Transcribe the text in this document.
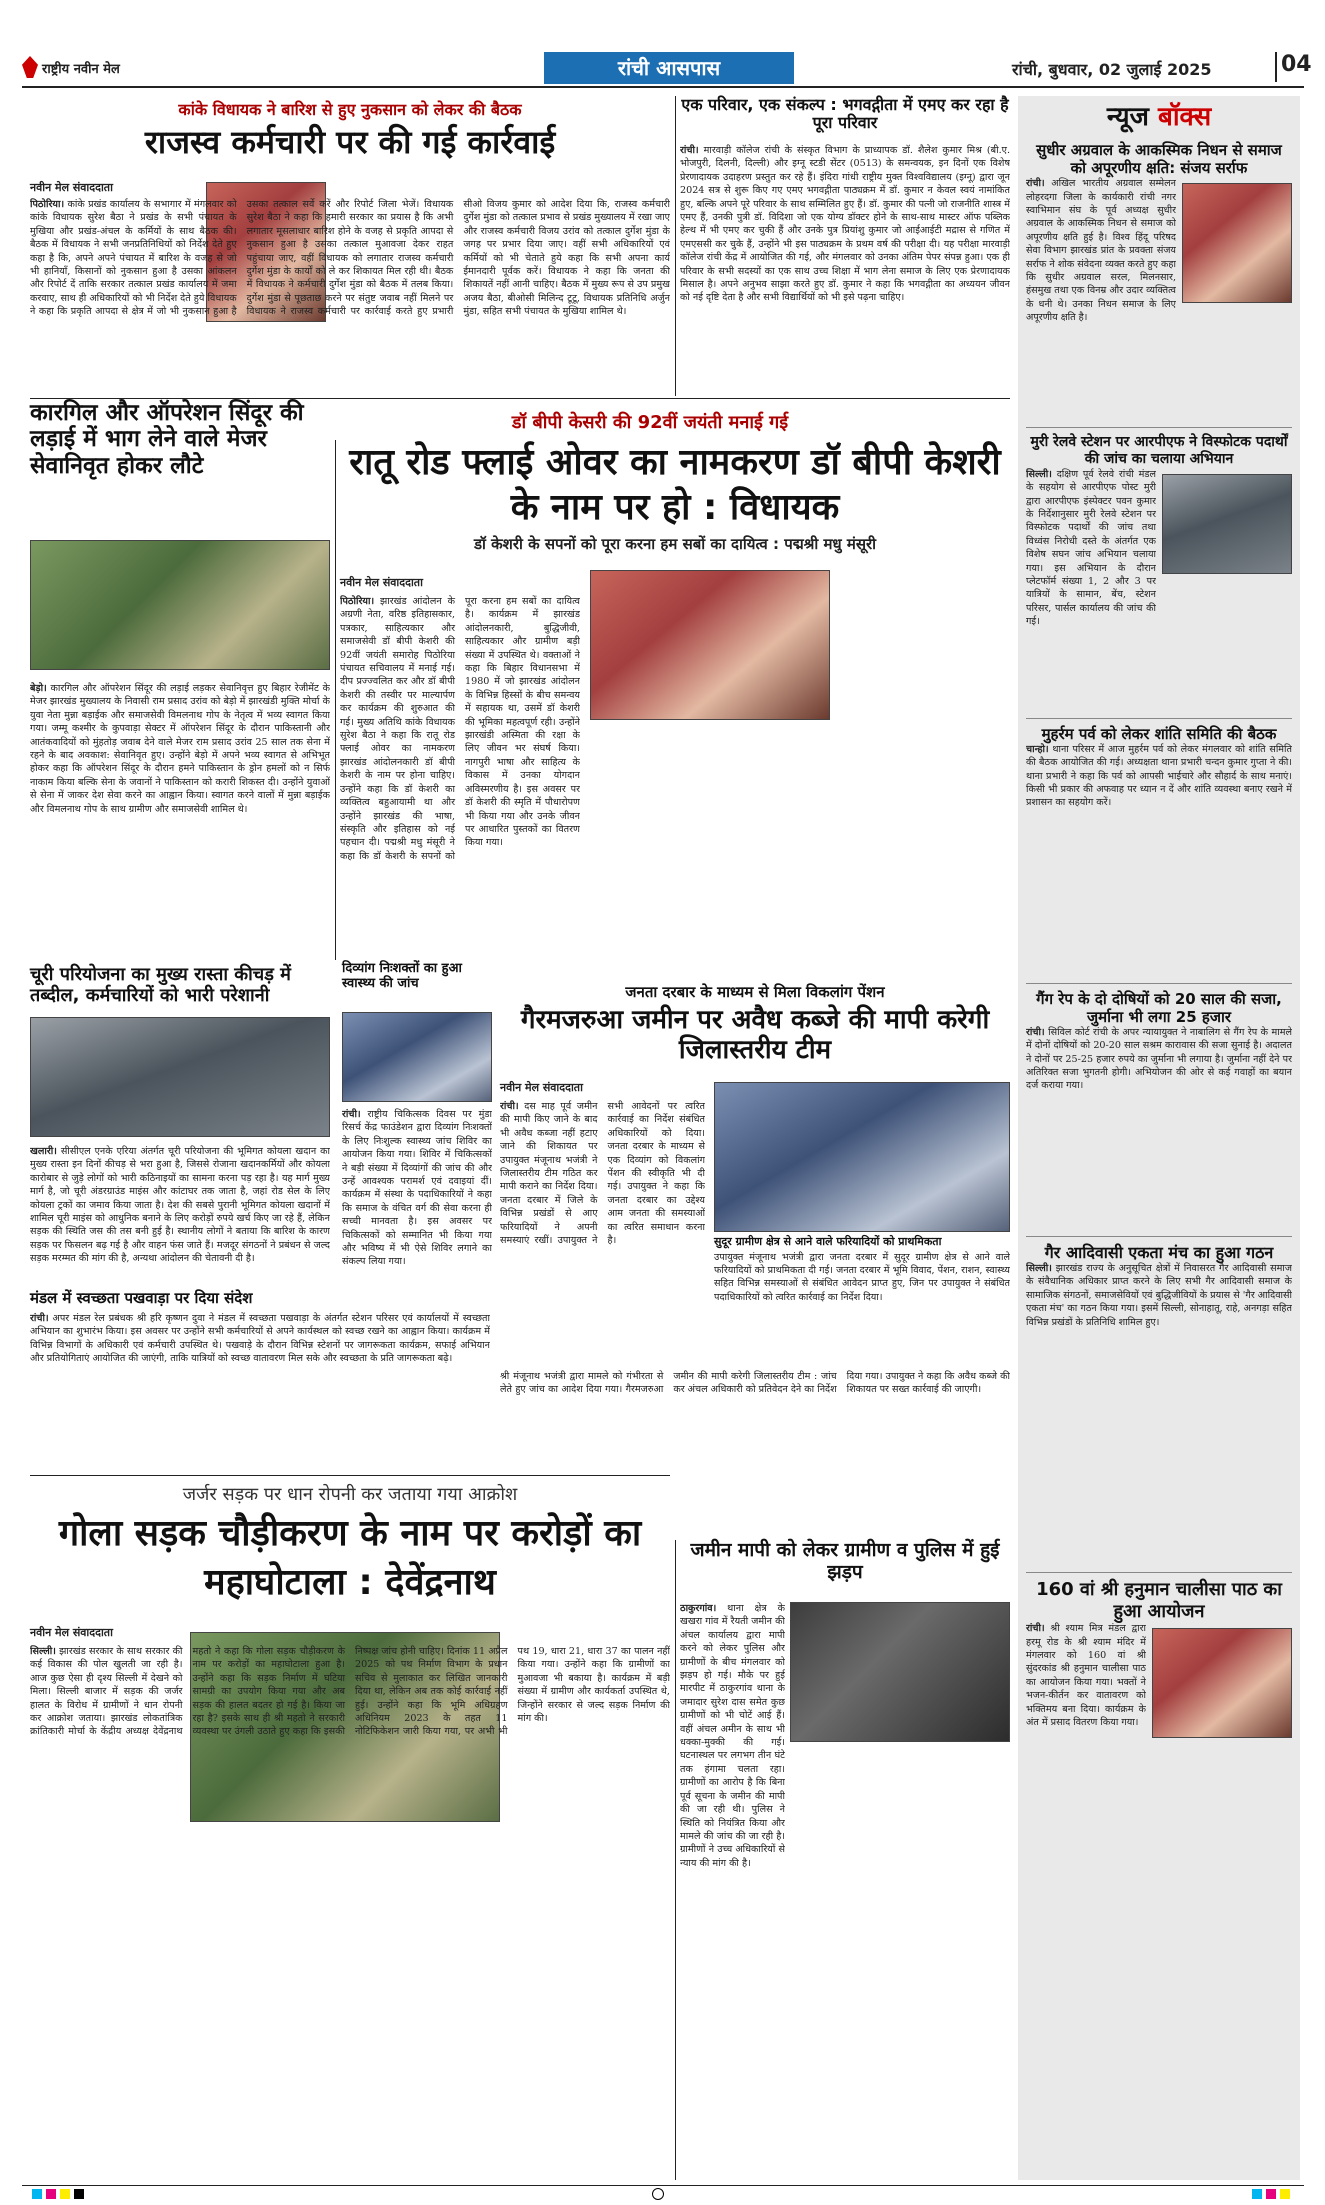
राष्ट्रीय नवीन मेल	रांची आसपास	रांची, बुधवार, 02 जुलाई 2025	04
कांके विधायक ने बारिश से हुए नुकसान को लेकर की बैठक
राजस्व कर्मचारी पर की गई कार्रवाई
नवीन मेल संवाददाता
पिठोरिया। कांके प्रखंड कार्यालय के सभागार में मंगलवार को कांके विधायक सुरेश बैठा ने प्रखंड के सभी पंचायत के मुखिया और प्रखंड-अंचल के कर्मियों के साथ बैठक की। बैठक में विधायक ने सभी जनप्रतिनिधियों को निर्देश देते हुए कहा है कि, अपने अपने पंचायत में बारिश के वजह से जो भी हानियाँ, किसानों को नुकसान हुआ है उसका आंकलन और रिपोर्ट दें ताकि सरकार तत्काल प्रखंड कार्यालय में जमा करवाए, साथ ही अधिकारियों को भी निर्देश देते हुये विधायक ने कहा कि प्रकृति आपदा से क्षेत्र में जो भी नुकसान हुआ है उसका तत्काल सर्वे करें और रिपोर्ट जिला भेजें। विधायक सुरेश बैठा ने कहा कि हमारी सरकार का प्रयास है कि अभी लगातार मूसलाधार बारिश होने के वजह से प्रकृति आपदा से नुकसान हुआ है उसका तत्काल मुआवजा देकर राहत पहुंचाया जाए, वहीं विधायक को लगातार राजस्व कर्मचारी दुर्गेश मुंडा के कार्यों को ले कर शिकायत मिल रही थी। बैठक में विधायक ने कर्मचारी दुर्गेश मुंडा को बैठक में तलब किया। दुर्गेश मुंडा से पूछताछ करने पर संतुष्ट जवाब नहीं मिलने पर विधायक ने राजस्व कर्मचारी पर कार्रवाई करते हुए प्रभारी सीओ विजय कुमार को आदेश दिया कि, राजस्व कर्मचारी दुर्गेश मुंडा को तत्काल प्रभाव से प्रखंड मुख्यालय में रखा जाए और राजस्व कर्मचारी विजय उरांव को तत्काल दुर्गेश मुंडा के जगह पर प्रभार दिया जाए। वहीं सभी अधिकारियों एवं कर्मियों को भी चेताते हुये कहा कि सभी अपना कार्य ईमानदारी पूर्वक करें। विधायक ने कहा कि जनता की शिकायतें नहीं आनी चाहिए। बैठक में मुख्य रूप से उप प्रमुख अजय बैठा, बीओसी मिलिन्द टूटू, विधायक प्रतिनिधि अर्जुन मुंडा, सहित सभी पंचायत के मुखिया शामिल थे।
एक परिवार, एक संकल्प : भगवद्गीता में एमए कर रहा है पूरा परिवार
रांची। मारवाड़ी कॉलेज रांची के संस्कृत विभाग के प्राध्यापक डॉ. शैलेश कुमार मिश्र (बी.ए. भोजपुरी, दिलनी, दिल्ली) और इग्नू स्टडी सेंटर (0513) के समन्वयक, इन दिनों एक विशेष प्रेरणादायक उदाहरण प्रस्तुत कर रहे हैं। इंदिरा गांधी राष्ट्रीय मुक्त विश्वविद्यालय (इग्नू) द्वारा जून 2024 सत्र से शुरू किए गए एमए भगवद्गीता पाठ्यक्रम में डॉ. कुमार न केवल स्वयं नामांकित हुए, बल्कि अपने पूरे परिवार के साथ सम्मिलित हुए हैं। डॉ. कुमार की पत्नी जो राजनीति शास्त्र में एमए हैं, उनकी पुत्री डॉ. विदिशा जो एक योग्य डॉक्टर होने के साथ-साथ मास्टर ऑफ पब्लिक हेल्थ में भी एमए कर चुकी हैं और उनके पुत्र प्रियांशु कुमार जो आईआईटी मद्रास से गणित में एमएससी कर चुके हैं, उन्होंने भी इस पाठ्यक्रम के प्रथम वर्ष की परीक्षा दी। यह परीक्षा मारवाड़ी कॉलेज रांची केंद्र में आयोजित की गई, और मंगलवार को उनका अंतिम पेपर संपन्न हुआ। एक ही परिवार के सभी सदस्यों का एक साथ उच्च शिक्षा में भाग लेना समाज के लिए एक प्रेरणादायक मिसाल है। अपने अनुभव साझा करते हुए डॉ. कुमार ने कहा कि भगवद्गीता का अध्ययन जीवन को नई दृष्टि देता है और सभी विद्यार्थियों को भी इसे पढ़ना चाहिए।
डॉ बीपी केसरी की 92वीं जयंती मनाई गई
कारगिल और ऑपरेशन सिंदूर की लड़ाई में भाग लेने वाले मेजर सेवानिवृत होकर लौटे
बेड़ो। कारगिल और ऑपरेशन सिंदूर की लड़ाई लड़कर सेवानिवृत्त हुए बिहार रेजीमेंट के मेजर झारखंड मुख्यालय के निवासी राम प्रसाद उरांव को बेड़ो में झारखंडी मुक्ति मोर्चा के युवा नेता मुन्ना बड़ाईक और समाजसेवी विमलनाथ गोप के नेतृत्व में भव्य स्वागत किया गया। जम्मू कश्मीर के कुपवाड़ा सेक्टर में ऑपरेशन सिंदूर के दौरान पाकिस्तानी और आतंकवादियों को मुंहतोड़ जवाब देने वाले मेजर राम प्रसाद उरांव 25 साल तक सेना में रहने के बाद अवकाश: सेवानिवृत हुए। उन्होंने बेड़ो में अपने भव्य स्वागत से अभिभूत होकर कहा कि ऑपरेशन सिंदूर के दौरान हमने पाकिस्तान के ड्रोन हमलों को न सिर्फ नाकाम किया बल्कि सेना के जवानों ने पाकिस्तान को करारी शिकस्त दी। उन्होंने युवाओं से सेना में जाकर देश सेवा करने का आह्वान किया। स्वागत करने वालों में मुन्ना बड़ाईक और विमलनाथ गोप के साथ ग्रामीण और समाजसेवी शामिल थे।
रातू रोड फ्लाई ओवर का नामकरण डॉ बीपी केशरी के नाम पर हो : विधायक
डॉ केशरी के सपनों को पूरा करना हम सबों का दायित्व : पद्मश्री मधु मंसूरी
नवीन मेल संवाददाता
पिठोरिया। झारखंड आंदोलन के अग्रणी नेता, वरिष्ठ इतिहासकार, पत्रकार, साहित्यकार और समाजसेवी डॉ बीपी केशरी की 92वीं जयंती समारोह पिठोरिया पंचायत सचिवालय में मनाई गई। दीप प्रज्ज्वलित कर और डॉ बीपी केशरी की तस्वीर पर माल्यार्पण कर कार्यक्रम की शुरुआत की गई। मुख्य अतिथि कांके विधायक सुरेश बैठा ने कहा कि रातू रोड फ्लाई ओवर का नामकरण झारखंड आंदोलनकारी डॉ बीपी केशरी के नाम पर होना चाहिए। उन्होंने कहा कि डॉ केशरी का व्यक्तित्व बहुआयामी था और उन्होंने झारखंड की भाषा, संस्कृति और इतिहास को नई पहचान दी। पद्मश्री मधु मंसूरी ने कहा कि डॉ केशरी के सपनों को पूरा करना हम सबों का दायित्व है। कार्यक्रम में झारखंड आंदोलनकारी, बुद्धिजीवी, साहित्यकार और ग्रामीण बड़ी संख्या में उपस्थित थे। वक्ताओं ने कहा कि बिहार विधानसभा में 1980 में जो झारखंड आंदोलन के विभिन्न हिस्सों के बीच समन्वय में सहायक था, उसमें डॉ केशरी की भूमिका महत्वपूर्ण रही। उन्होंने झारखंडी अस्मिता की रक्षा के लिए जीवन भर संघर्ष किया। नागपुरी भाषा और साहित्य के विकास में उनका योगदान अविस्मरणीय है। इस अवसर पर डॉ केशरी की स्मृति में पौधारोपण भी किया गया और उनके जीवन पर आधारित पुस्तकों का वितरण किया गया।
चूरी परियोजना का मुख्य रास्ता कीचड़ में तब्दील, कर्मचारियों को भारी परेशानी
खलारी। सीसीएल एनके एरिया अंतर्गत चूरी परियोजना की भूमिगत कोयला खदान का मुख्य रास्ता इन दिनों कीचड़ से भरा हुआ है, जिससे रोजाना खदानकर्मियों और कोयला कारोबार से जुड़े लोगों को भारी कठिनाइयों का सामना करना पड़ रहा है। यह मार्ग मुख्य मार्ग है, जो चूरी अंडरग्राउंड माइंस और कांटाघर तक जाता है, जहां रोड सेल के लिए कोयला ट्रकों का जमाव किया जाता है। देश की सबसे पुरानी भूमिगत कोयला खदानों में शामिल चूरी माइंस को आधुनिक बनाने के लिए करोड़ों रुपये खर्च किए जा रहे हैं, लेकिन सड़क की स्थिति जस की तस बनी हुई है। स्थानीय लोगों ने बताया कि बारिश के कारण सड़क पर फिसलन बढ़ गई है और वाहन फंस जाते हैं। मजदूर संगठनों ने प्रबंधन से जल्द सड़क मरम्मत की मांग की है, अन्यथा आंदोलन की चेतावनी दी है।
दिव्यांग निःशक्तों का हुआ स्वास्थ्य की जांच
रांची। राष्ट्रीय चिकित्सक दिवस पर मुंडा रिसर्च केंद्र फाउंडेशन द्वारा दिव्यांग निःशक्तों के लिए निःशुल्क स्वास्थ्य जांच शिविर का आयोजन किया गया। शिविर में चिकित्सकों ने बड़ी संख्या में दिव्यांगों की जांच की और उन्हें आवश्यक परामर्श एवं दवाइयां दीं। कार्यक्रम में संस्था के पदाधिकारियों ने कहा कि समाज के वंचित वर्ग की सेवा करना ही सच्ची मानवता है। इस अवसर पर चिकित्सकों को सम्मानित भी किया गया और भविष्य में भी ऐसे शिविर लगाने का संकल्प लिया गया।
जनता दरबार के माध्यम से मिला विकलांग पेंशन
गैरमजरुआ जमीन पर अवैध कब्जे की मापी करेगी जिलास्तरीय टीम
नवीन मेल संवाददाता
रांची। दस माह पूर्व जमीन की मापी किए जाने के बाद भी अवैध कब्जा नहीं हटाए जाने की शिकायत पर उपायुक्त मंजूनाथ भजंत्री ने जिलास्तरीय टीम गठित कर मापी कराने का निर्देश दिया। जनता दरबार में जिले के विभिन्न प्रखंडों से आए फरियादियों ने अपनी समस्याएं रखीं। उपायुक्त ने सभी आवेदनों पर त्वरित कार्रवाई का निर्देश संबंधित अधिकारियों को दिया। जनता दरबार के माध्यम से एक दिव्यांग को विकलांग पेंशन की स्वीकृति भी दी गई। उपायुक्त ने कहा कि जनता दरबार का उद्देश्य आम जनता की समस्याओं का त्वरित समाधान करना है।	सुदूर ग्रामीण क्षेत्र से आने वाले फरियादियों को प्राथमिकता
उपायुक्त मंजूनाथ भजंत्री द्वारा जनता दरबार में सुदूर ग्रामीण क्षेत्र से आने वाले फरियादियों को प्राथमिकता दी गई। जनता दरबार में भूमि विवाद, पेंशन, राशन, स्वास्थ्य सहित विभिन्न समस्याओं से संबंधित आवेदन प्राप्त हुए, जिन पर उपायुक्त ने संबंधित पदाधिकारियों को त्वरित कार्रवाई का निर्देश दिया।
श्री मंजूनाथ भजंत्री द्वारा मामले को गंभीरता से लेते हुए जांच का आदेश दिया गया। गैरमजरुआ जमीन की मापी करेगी जिलास्तरीय टीम : जांच कर अंचल अधिकारी को प्रतिवेदन देने का निर्देश दिया गया। उपायुक्त ने कहा कि अवैध कब्जे की शिकायत पर सख्त कार्रवाई की जाएगी।
मंडल में स्वच्छता पखवाड़ा पर दिया संदेश
रांची। अपर मंडल रेल प्रबंधक श्री हरि कृष्णन दुवा ने मंडल में स्वच्छता पखवाड़ा के अंतर्गत स्टेशन परिसर एवं कार्यालयों में स्वच्छता अभियान का शुभारंभ किया। इस अवसर पर उन्होंने सभी कर्मचारियों से अपने कार्यस्थल को स्वच्छ रखने का आह्वान किया। कार्यक्रम में विभिन्न विभागों के अधिकारी एवं कर्मचारी उपस्थित थे। पखवाड़े के दौरान विभिन्न स्टेशनों पर जागरूकता कार्यक्रम, सफाई अभियान और प्रतियोगिताएं आयोजित की जाएंगी, ताकि यात्रियों को स्वच्छ वातावरण मिल सके और स्वच्छता के प्रति जागरूकता बढ़े।
जर्जर सड़क पर धान रोपनी कर जताया गया आक्रोश
गोला सड़क चौड़ीकरण के नाम पर करोड़ों का महाघोटाला : देवेंद्रनाथ
नवीन मेल संवाददाता
सिल्ली। झारखंड सरकार के साथ सरकार की कई विकास की पोल खुलती जा रही है। आज कुछ ऐसा ही दृश्य सिल्ली में देखने को मिला। सिल्ली बाजार में सड़क की जर्जर हालत के विरोध में ग्रामीणों ने धान रोपनी कर आक्रोश जताया। झारखंड लोकतांत्रिक क्रांतिकारी मोर्चा के केंद्रीय अध्यक्ष देवेंद्रनाथ महतो ने कहा कि गोला सड़क चौड़ीकरण के नाम पर करोड़ों का महाघोटाला हुआ है। उन्होंने कहा कि सड़क निर्माण में घटिया सामग्री का उपयोग किया गया और अब सड़क की हालत बदतर हो गई है। किया जा रहा है? इसके साथ ही श्री महतो ने सरकारी व्यवस्था पर उंगली उठाते हुए कहा कि इसकी निष्पक्ष जांच होनी चाहिए। दिनांक 11 अप्रैल 2025 को पथ निर्माण विभाग के प्रधान सचिव से मुलाकात कर लिखित जानकारी दिया था, लेकिन अब तक कोई कार्रवाई नहीं हुई। उन्होंने कहा कि भूमि अधिग्रहण अधिनियम 2023 के तहत 11 नोटिफिकेशन जारी किया गया, पर अभी भी पथ 19, धारा 21, धारा 37 का पालन नहीं किया गया। उन्होंने कहा कि ग्रामीणों का मुआवजा भी बकाया है। कार्यक्रम में बड़ी संख्या में ग्रामीण और कार्यकर्ता उपस्थित थे, जिन्होंने सरकार से जल्द सड़क निर्माण की मांग की।
जमीन मापी को लेकर ग्रामीण व पुलिस में हुई झड़प
ठाकुरगांव। थाना क्षेत्र के खखरा गांव में रैयती जमीन की अंचल कार्यालय द्वारा मापी करने को लेकर पुलिस और ग्रामीणों के बीच मंगलवार को झड़प हो गई। मौके पर हुई मारपीट में ठाकुरगांव थाना के जमादार सुरेश दास समेत कुछ ग्रामीणों को भी चोटें आई हैं। वहीं अंचल अमीन के साथ भी धक्का-मुक्की की गई। घटनास्थल पर लगभग तीन घंटे तक हंगामा चलता रहा। ग्रामीणों का आरोप है कि बिना पूर्व सूचना के जमीन की मापी की जा रही थी। पुलिस ने स्थिति को नियंत्रित किया और मामले की जांच की जा रही है। ग्रामीणों ने उच्च अधिकारियों से न्याय की मांग की है।
न्यूज बॉक्स
सुधीर अग्रवाल के आकस्मिक निधन से समाज को अपूरणीय क्षति: संजय सर्राफ
रांची। अखिल भारतीय अग्रवाल सम्मेलन लोहरदगा जिला के कार्यकारी रांची नगर स्वाभिमान संघ के पूर्व अध्यक्ष सुधीर अग्रवाल के आकस्मिक निधन से समाज को अपूरणीय क्षति हुई है। विश्व हिंदू परिषद सेवा विभाग झारखंड प्रांत के प्रवक्ता संजय सर्राफ ने शोक संवेदना व्यक्त करते हुए कहा कि सुधीर अग्रवाल सरल, मिलनसार, हंसमुख तथा एक विनम्र और उदार व्यक्तित्व के धनी थे। उनका निधन समाज के लिए अपूरणीय क्षति है।
मुरी रेलवे स्टेशन पर आरपीएफ ने विस्फोटक पदार्थों की जांच का चलाया अभियान
सिल्ली। दक्षिण पूर्व रेलवे रांची मंडल के सहयोग से आरपीएफ पोस्ट मुरी द्वारा आरपीएफ इंस्पेक्टर पवन कुमार के निर्देशानुसार मुरी रेलवे स्टेशन पर विस्फोटक पदार्थों की जांच तथा विध्वंस निरोधी दस्ते के अंतर्गत एक विशेष सघन जांच अभियान चलाया गया। इस अभियान के दौरान प्लेटफॉर्म संख्या 1, 2 और 3 पर यात्रियों के सामान, बेंच, स्टेशन परिसर, पार्सल कार्यालय की जांच की गई।
मुहर्रम पर्व को लेकर शांति समिति की बैठक
चान्हो। थाना परिसर में आज मुहर्रम पर्व को लेकर मंगलवार को शांति समिति की बैठक आयोजित की गई। अध्यक्षता थाना प्रभारी चन्दन कुमार गुप्ता ने की। थाना प्रभारी ने कहा कि पर्व को आपसी भाईचारे और सौहार्द के साथ मनाएं। किसी भी प्रकार की अफवाह पर ध्यान न दें और शांति व्यवस्था बनाए रखने में प्रशासन का सहयोग करें।
गैंग रेप के दो दोषियों को 20 साल की सजा, जुर्माना भी लगा 25 हजार
रांची। सिविल कोर्ट रांची के अपर न्यायायुक्त ने नाबालिग से गैंग रेप के मामले में दोनों दोषियों को 20-20 साल सश्रम कारावास की सजा सुनाई है। अदालत ने दोनों पर 25-25 हजार रुपये का जुर्माना भी लगाया है। जुर्माना नहीं देने पर अतिरिक्त सजा भुगतनी होगी। अभियोजन की ओर से कई गवाहों का बयान दर्ज कराया गया।
गैर आदिवासी एकता मंच का हुआ गठन
सिल्ली। झारखंड राज्य के अनुसूचित क्षेत्रों में निवासरत गैर आदिवासी समाज के संवैधानिक अधिकार प्राप्त करने के लिए सभी गैर आदिवासी समाज के सामाजिक संगठनों, समाजसेवियों एवं बुद्धिजीवियों के प्रयास से 'गैर आदिवासी एकता मंच' का गठन किया गया। इसमें सिल्ली, सोनाहातू, राहे, अनगड़ा सहित विभिन्न प्रखंडों के प्रतिनिधि शामिल हुए।
160 वां श्री हनुमान चालीसा पाठ का हुआ आयोजन
रांची। श्री श्याम मित्र मंडल द्वारा हरमू रोड के श्री श्याम मंदिर में मंगलवार को 160 वां श्री सुंदरकांड श्री हनुमान चालीसा पाठ का आयोजन किया गया। भक्तों ने भजन-कीर्तन कर वातावरण को भक्तिमय बना दिया। कार्यक्रम के अंत में प्रसाद वितरण किया गया।
